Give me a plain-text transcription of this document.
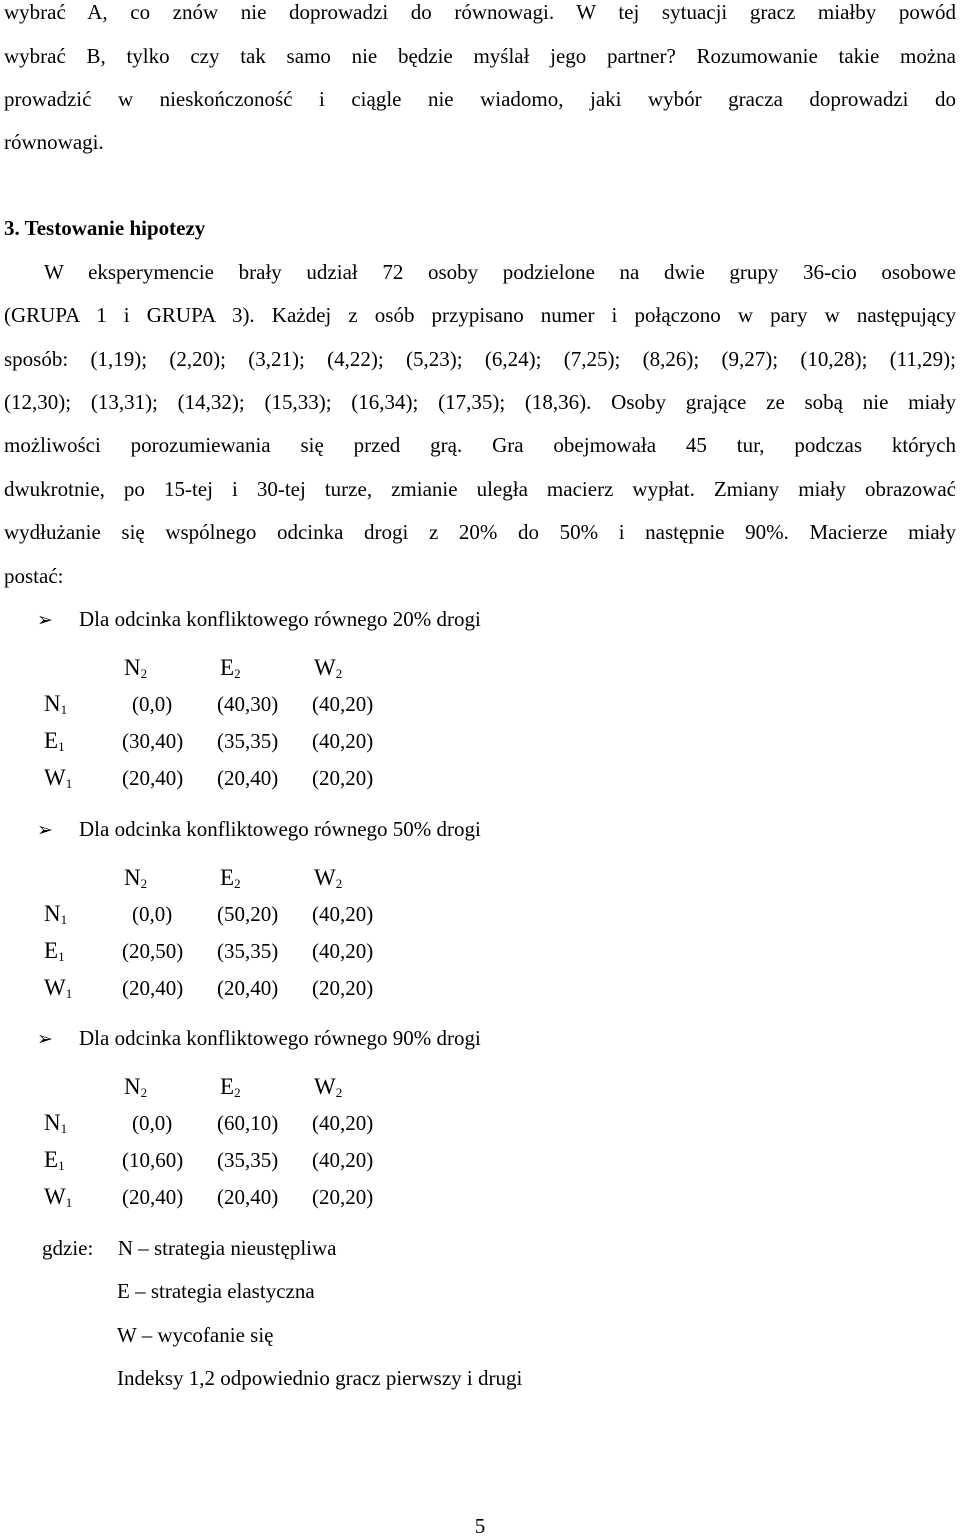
wybrać A, co znów nie doprowadzi do równowagi. W tej sytuacji gracz miałby powód
wybrać B, tylko czy tak samo nie będzie myślał jego partner? Rozumowanie takie można
prowadzić w nieskończoność i ciągle nie wiadomo, jaki wybór gracza doprowadzi do
równowagi.
3. Testowanie hipotezy
W eksperymencie brały udział 72 osoby podzielone na dwie grupy 36-cio osobowe
(GRUPA 1 i GRUPA 3). Każdej z osób przypisano numer i połączono w pary w następujący
sposób: (1,19); (2,20); (3,21); (4,22); (5,23); (6,24); (7,25); (8,26); (9,27); (10,28); (11,29);
(12,30); (13,31); (14,32); (15,33); (16,34); (17,35); (18,36). Osoby grające ze sobą nie miały
możliwości porozumiewania się przed grą. Gra obejmowała 45 tur, podczas których
dwukrotnie, po 15-tej i 30-tej turze, zmianie uległa macierz wypłat. Zmiany miały obrazować
wydłużanie się wspólnego odcinka drogi z 20% do 50% i następnie 90%. Macierze miały
postać:
➢ Dla odcinka konfliktowego równego 20% drogi
$N_2$	$E_2$	$W_2$
$N_1$	(0,0) (40,30) (40,20)
$E_1$	(30,40) (35,35) (40,20)
$W_1$ (20,40) (20,40) (20,20)
➢ Dla odcinka konfliktowego równego 50% drogi
$N_2$	$E_2$	$W_2$
$N_1$	(0,0) (50,20) (40,20)
$E_1$	(20,50) (35,35) (40,20)
$W_1$ (20,40) (20,40) (20,20)
➢ Dla odcinka konfliktowego równego 90% drogi
$N_2$	$E_2$	$W_2$
$N_1$	(0,0) (60,10) (40,20)
$E_1$	(10,60) (35,35) (40,20)
$W_1$ (20,40) (20,40) (20,20)
gdzie: N – strategia nieustępliwa
E – strategia elastyczna
W – wycofanie się
Indeksy 1,2 odpowiednio gracz pierwszy i drugi
5
